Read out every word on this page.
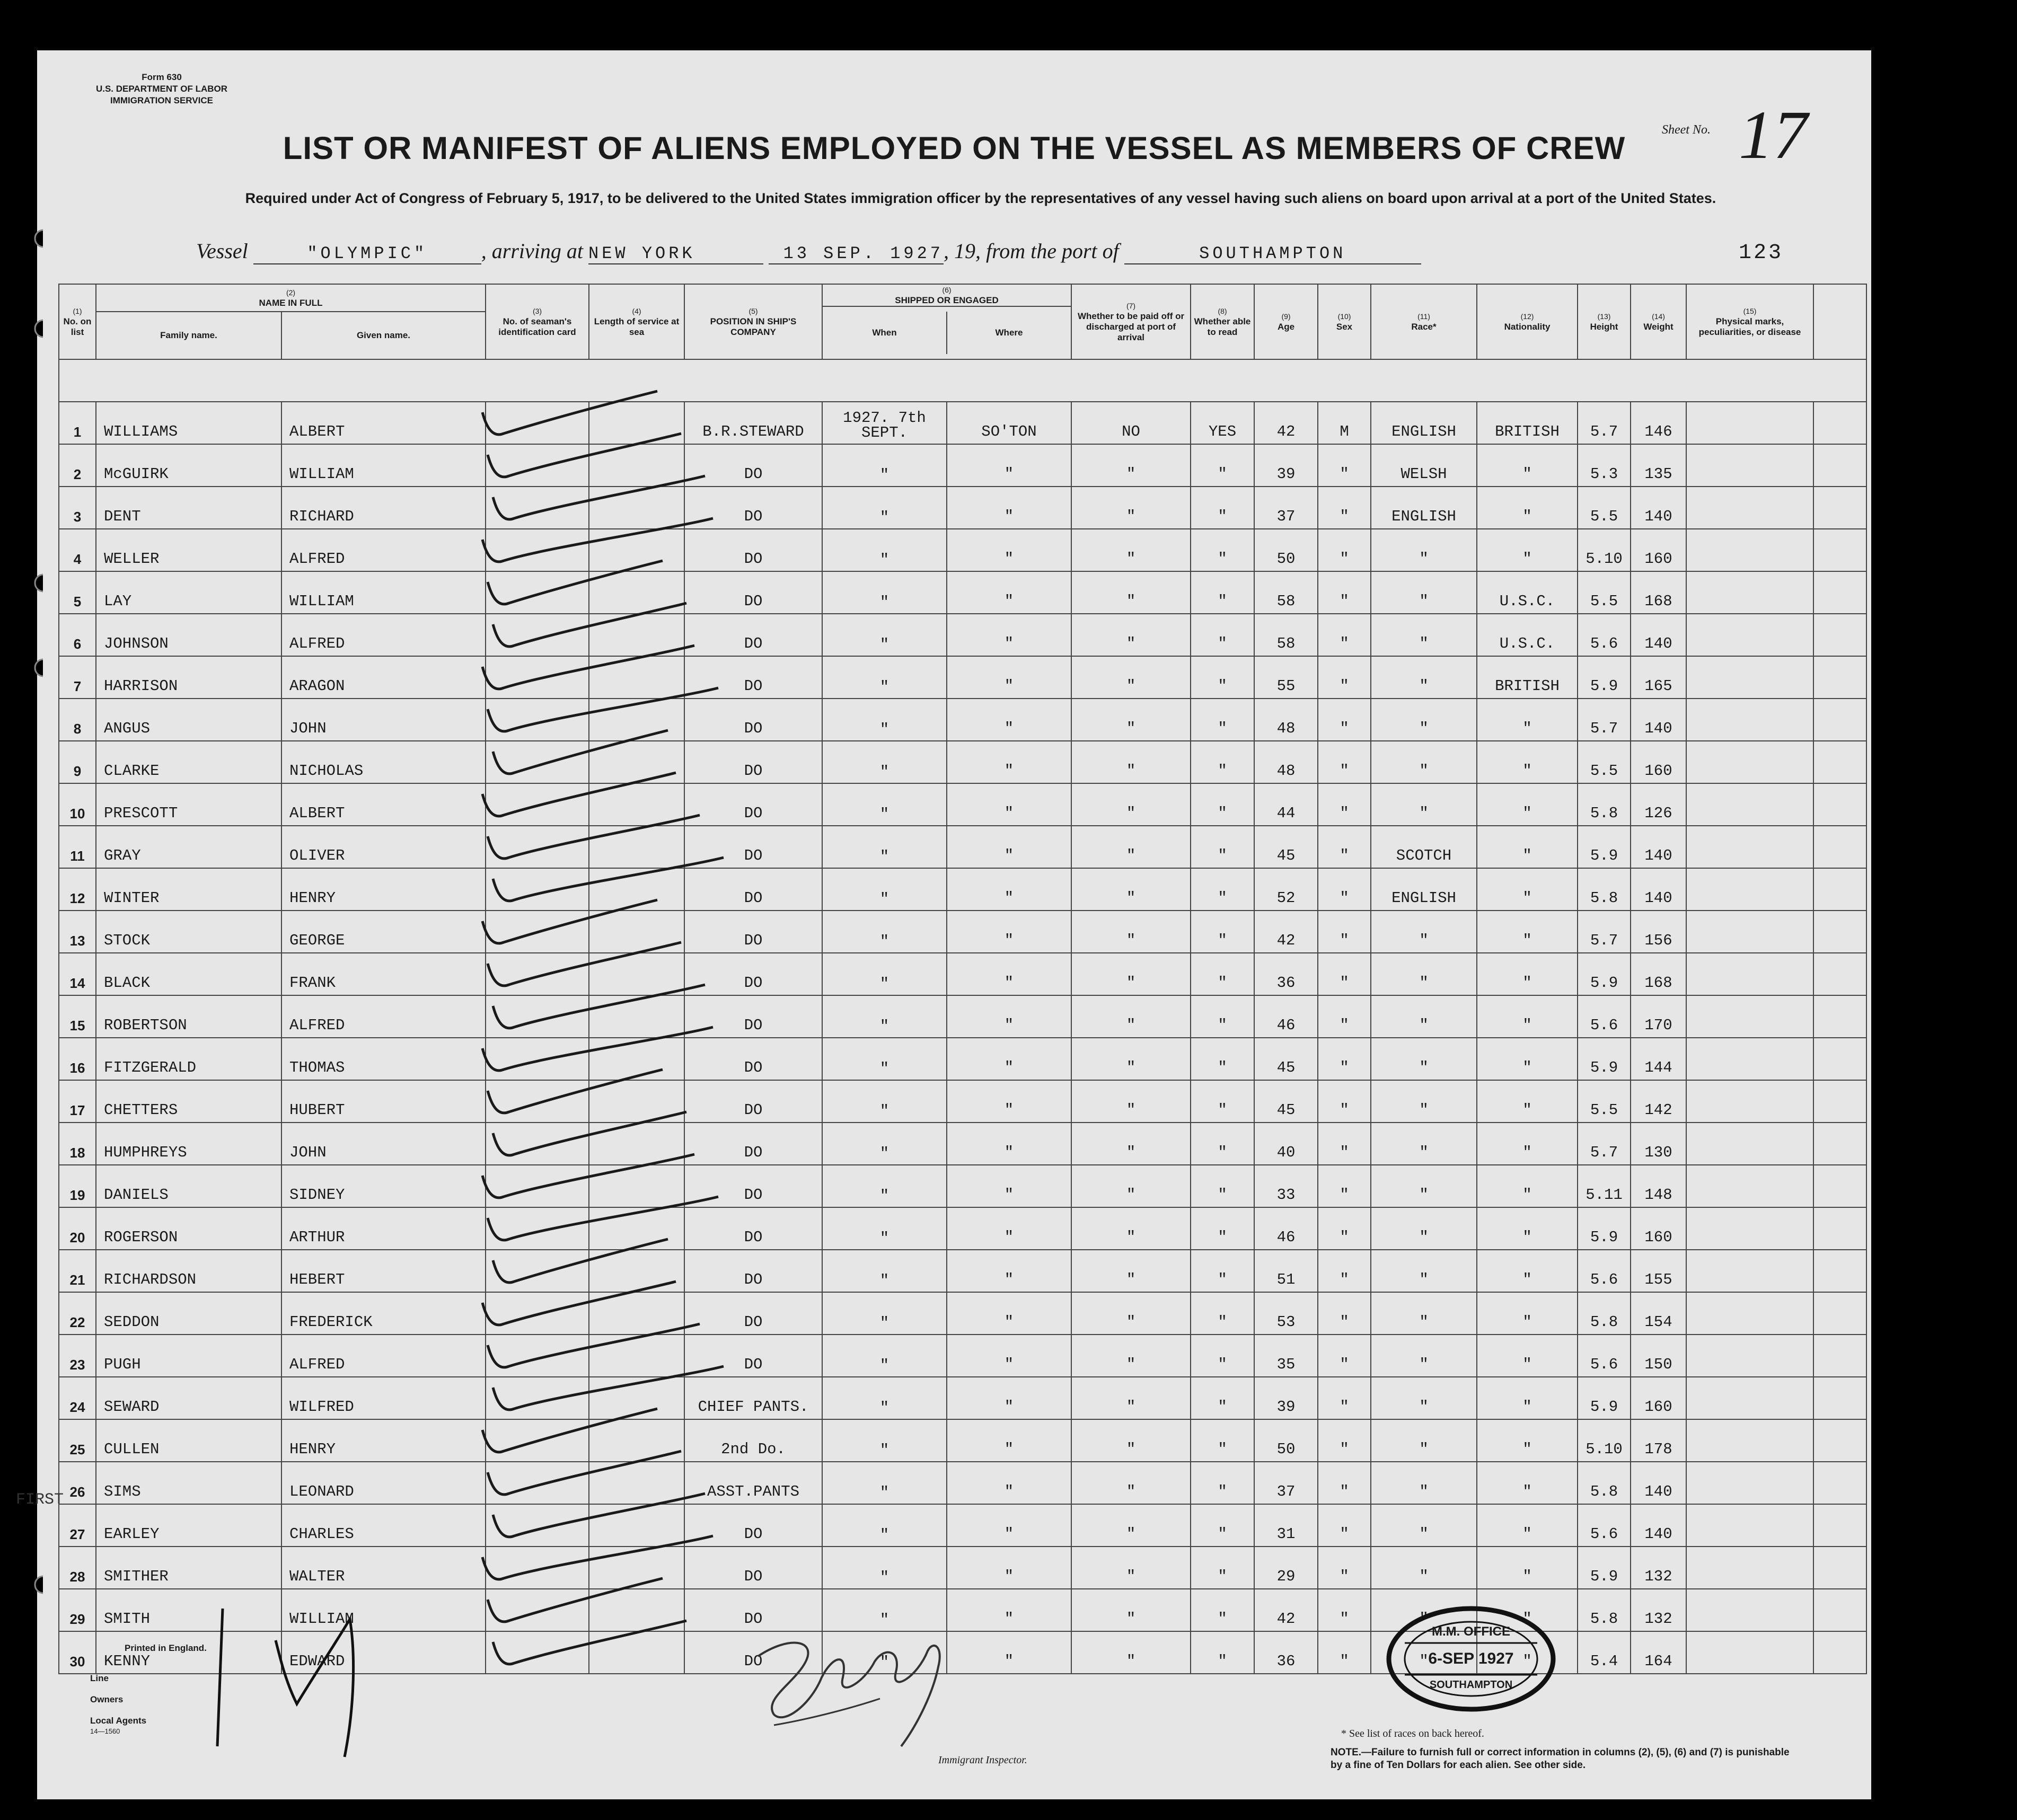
Form 630
U.S. DEPARTMENT OF LABOR
IMMIGRATION SERVICE
LIST OR MANIFEST OF ALIENS EMPLOYED ON THE VESSEL AS MEMBERS OF CREW
Required under Act of Congress of February 5, 1917, to be delivered to the United States immigration officer by the representatives of any vessel having such aliens on board upon arrival at a port of the United States.
Sheet No. 17
Vessel	"OLYMPIC"	, arriving at NEW YORK	13 SEP. 1927, 19, from the port of	SOUTHAMPTON	123
(1)
No. on list	
(2)
NAME IN FULL	
(3)
No. of seaman's identification card	
(4)
Length of service at sea	
(5)
POSITION IN SHIP'S COMPANY	
(6)
SHIPPED OR ENGAGED	
(7)
Whether to be paid off or discharged at port of arrival	
(8)
Whether able to read	
(9)
Age	
(10)
Sex	
(11)
Race*	
(12)
Nationality	
(13)
Height	
(14)
Weight	
(15)
Physical marks, peculiarities, or disease	

When	Where

Family name.	Given name.

1	WILLIAMS	ALBERT			B.R.STEWARD	1927. 7th SEPT.	SO'TON	NO	YES	42	M	ENGLISH	BRITISH	5.7	146		
2	McGUIRK	WILLIAM			DO	"	"	"	"	39	"	WELSH	"	5.3	135		
3	DENT	RICHARD			DO	"	"	"	"	37	"	ENGLISH	"	5.5	140		
4	WELLER	ALFRED			DO	"	"	"	"	50	"	"	"	5.10	160		
5	LAY	WILLIAM			DO	"	"	"	"	58	"	"	U.S.C.	5.5	168		
6	JOHNSON	ALFRED			DO	"	"	"	"	58	"	"	U.S.C.	5.6	140		
7	HARRISON	ARAGON			DO	"	"	"	"	55	"	"	BRITISH	5.9	165		
8	ANGUS	JOHN			DO	"	"	"	"	48	"	"	"	5.7	140		
9	CLARKE	NICHOLAS			DO	"	"	"	"	48	"	"	"	5.5	160		
10	PRESCOTT	ALBERT			DO	"	"	"	"	44	"	"	"	5.8	126		
11	GRAY	OLIVER			DO	"	"	"	"	45	"	SCOTCH	"	5.9	140		
12	WINTER	HENRY			DO	"	"	"	"	52	"	ENGLISH	"	5.8	140		
13	STOCK	GEORGE			DO	"	"	"	"	42	"	"	"	5.7	156		
14	BLACK	FRANK			DO	"	"	"	"	36	"	"	"	5.9	168		
15	ROBERTSON	ALFRED			DO	"	"	"	"	46	"	"	"	5.6	170		
16	FITZGERALD	THOMAS			DO	"	"	"	"	45	"	"	"	5.9	144		
17	CHETTERS	HUBERT			DO	"	"	"	"	45	"	"	"	5.5	142		
18	HUMPHREYS	JOHN			DO	"	"	"	"	40	"	"	"	5.7	130		
19	DANIELS	SIDNEY			DO	"	"	"	"	33	"	"	"	5.11	148		
20	ROGERSON	ARTHUR			DO	"	"	"	"	46	"	"	"	5.9	160		
21	RICHARDSON	HEBERT			DO	"	"	"	"	51	"	"	"	5.6	155		
22	SEDDON	FREDERICK			DO	"	"	"	"	53	"	"	"	5.8	154		
23	PUGH	ALFRED			DO	"	"	"	"	35	"	"	"	5.6	150		
24	SEWARD	WILFRED			CHIEF PANTS.	"	"	"	"	39	"	"	"	5.9	160		
25	CULLEN	HENRY			2nd Do.	"	"	"	"	50	"	"	"	5.10	178		
26	SIMS	LEONARD			ASST.PANTS	"	"	"	"	37	"	"	"	5.8	140		
27	EARLEY	CHARLES			DO	"	"	"	"	31	"	"	"	5.6	140		
28	SMITHER	WALTER			DO	"	"	"	"	29	"	"	"	5.9	132		
29	SMITH	WILLIAM			DO	"	"	"	"	42	"	"	"	5.8	132		
30	KENNY	EDWARD			DO	"	"	"	"	36	"	"	"	5.4	164		
Printed in England.
Line
Owners
Local Agents
14—1560
FIRST
Immigrant Inspector.
M.M. OFFICE
6-SEP 1927
SOUTHAMPTON
* See list of races on back hereof.
NOTE.—Failure to furnish full or correct information in columns (2), (5), (6) and (7) is punishable by a fine of Ten Dollars for each alien. See other side.
